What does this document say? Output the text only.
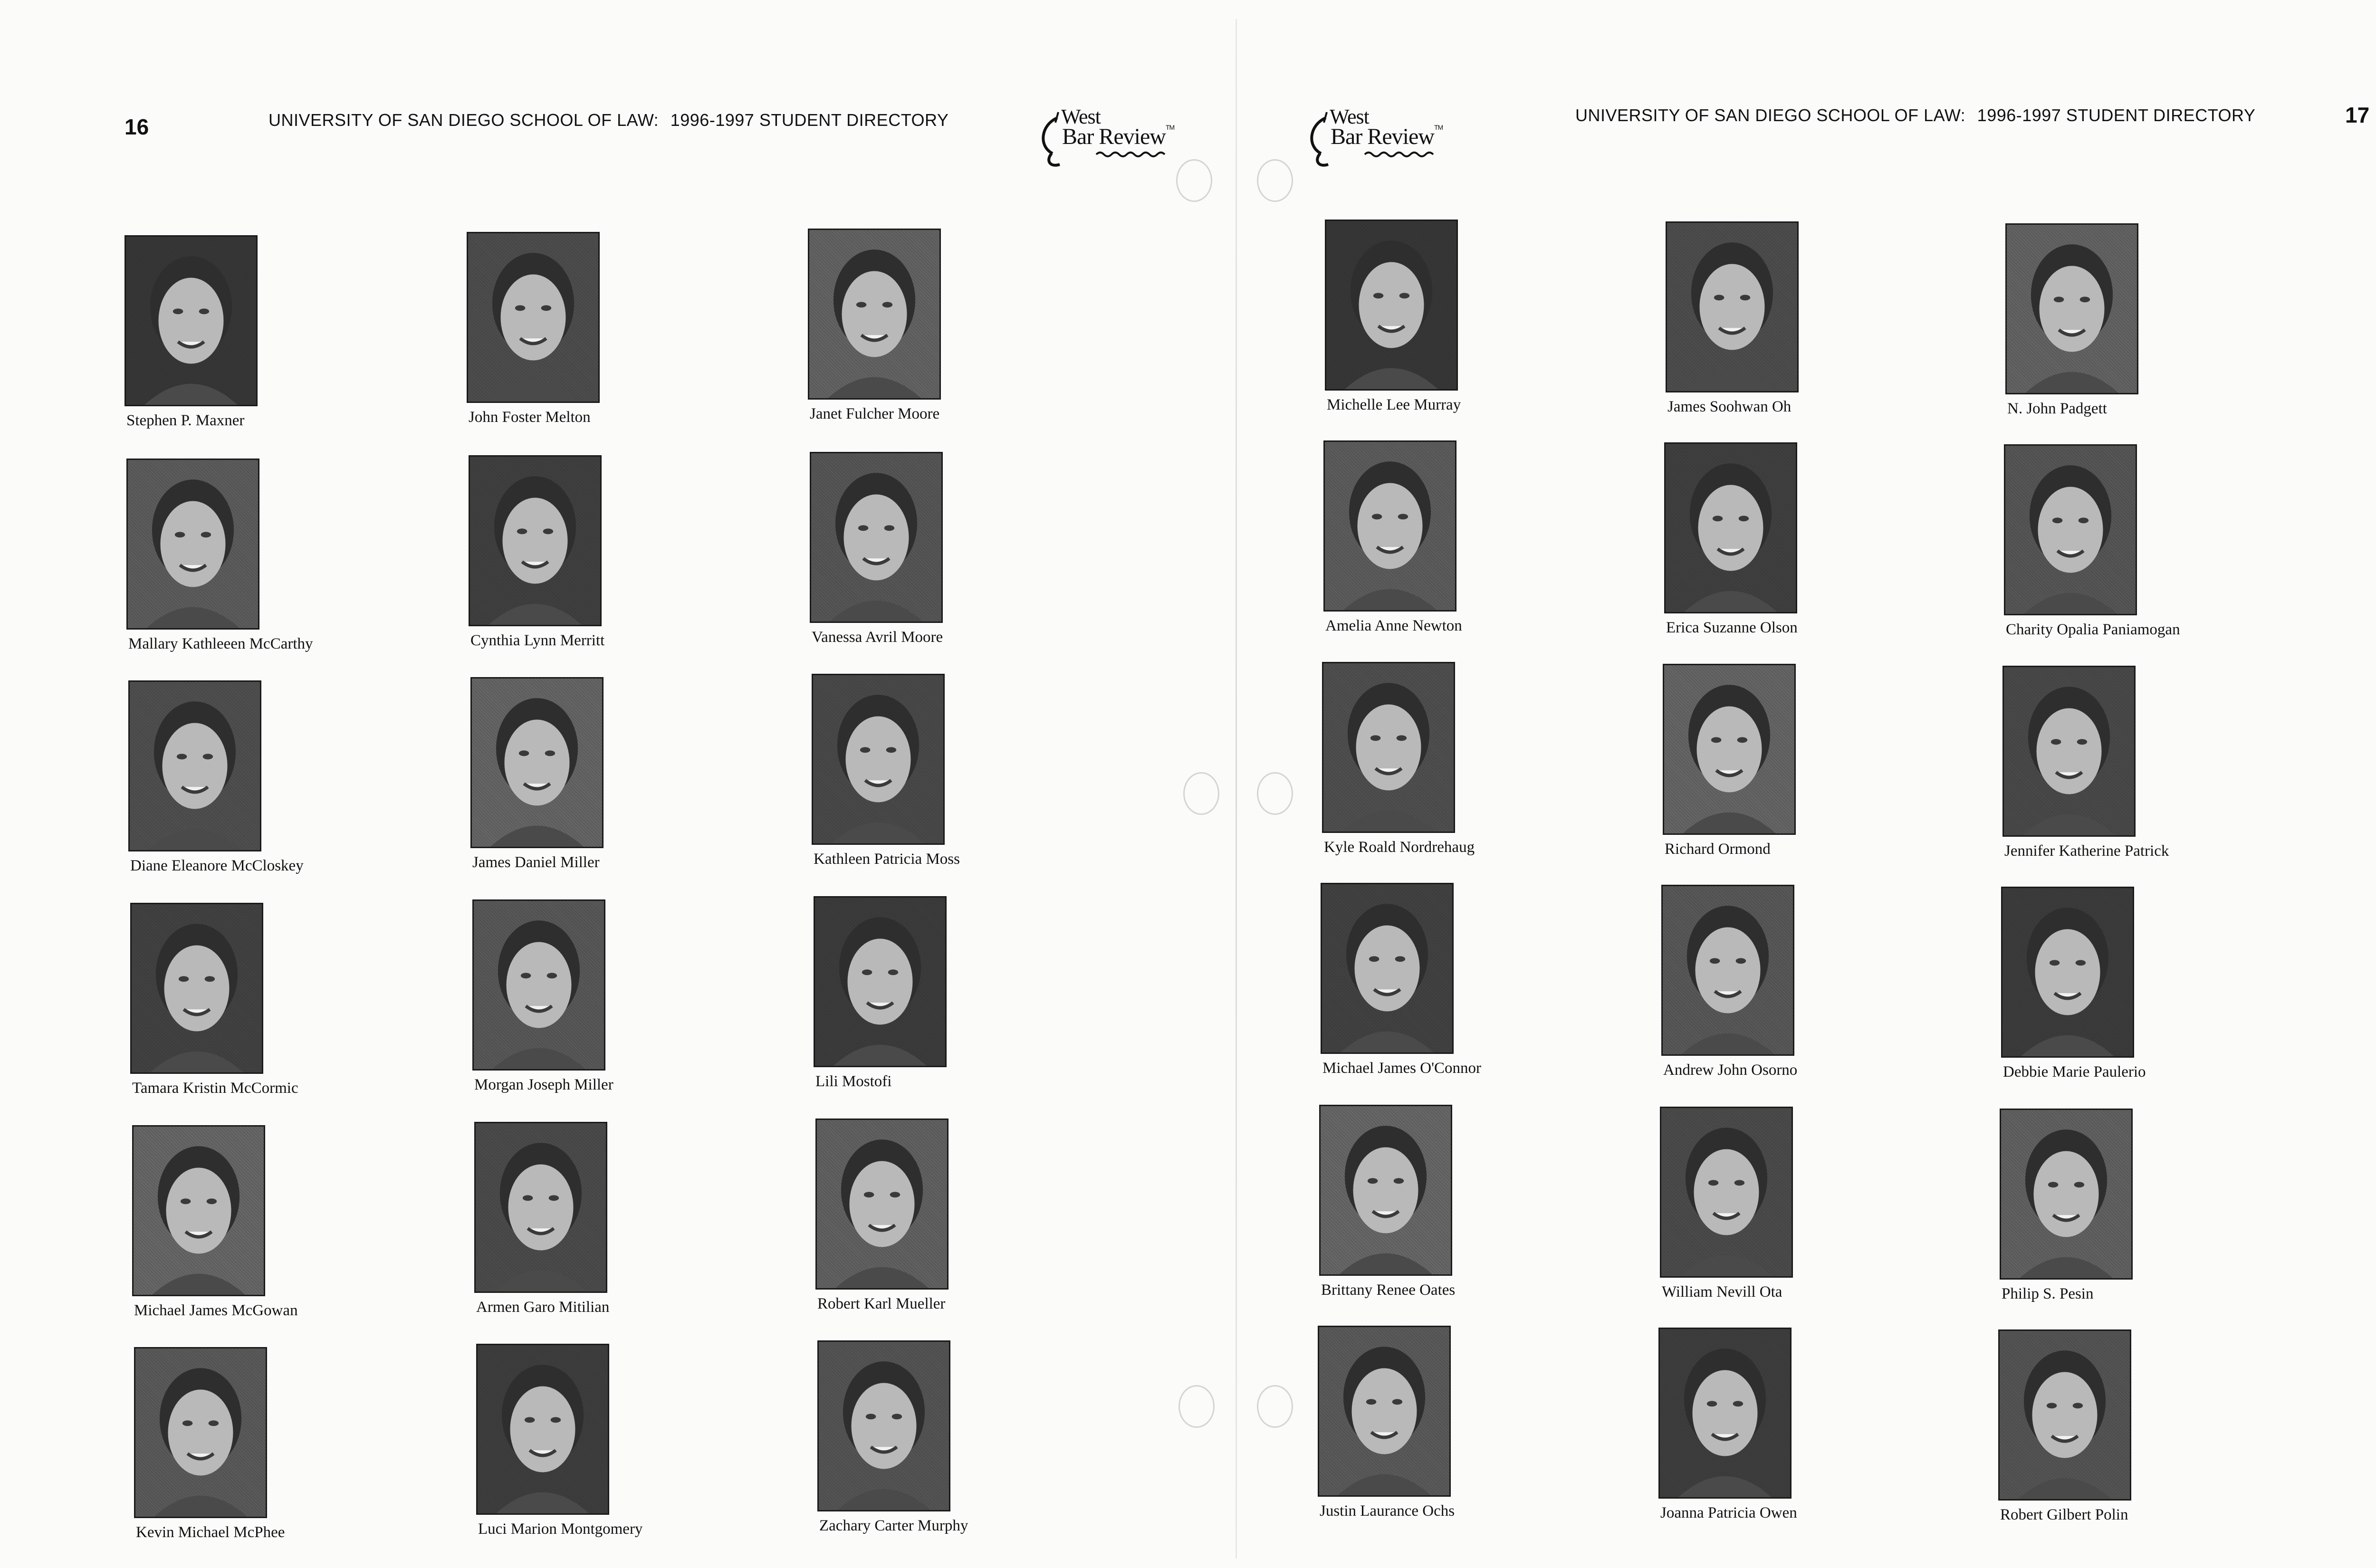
16	UNIVERSITY OF SAN DIEGO SCHOOL OF LAW: 1996-1997 STUDENT DIRECTORY	West
Bar Review™
Stephen P. Maxner
Mallary Kathleeen McCarthy
Diane Eleanore McCloskey
Tamara Kristin McCormic
Michael James McGowan
Kevin Michael McPhee
John Foster Melton
Cynthia Lynn Merritt
James Daniel Miller
Morgan Joseph Miller
Armen Garo Mitilian
Luci Marion Montgomery
Janet Fulcher Moore
Vanessa Avril Moore
Kathleen Patricia Moss
Lili Mostofi
Robert Karl Mueller
Zachary Carter Murphy
West
Bar Review™
UNIVERSITY OF SAN DIEGO SCHOOL OF LAW: 1996-1997 STUDENT DIRECTORY	17
Michelle Lee Murray
Amelia Anne Newton
Kyle Roald Nordrehaug
Michael James O'Connor
Brittany Renee Oates
Justin Laurance Ochs
James Soohwan Oh
Erica Suzanne Olson
Richard Ormond
Andrew John Osorno
William Nevill Ota
Joanna Patricia Owen
N. John Padgett
Charity Opalia Paniamogan
Jennifer Katherine Patrick
Debbie Marie Paulerio
Philip S. Pesin
Robert Gilbert Polin
